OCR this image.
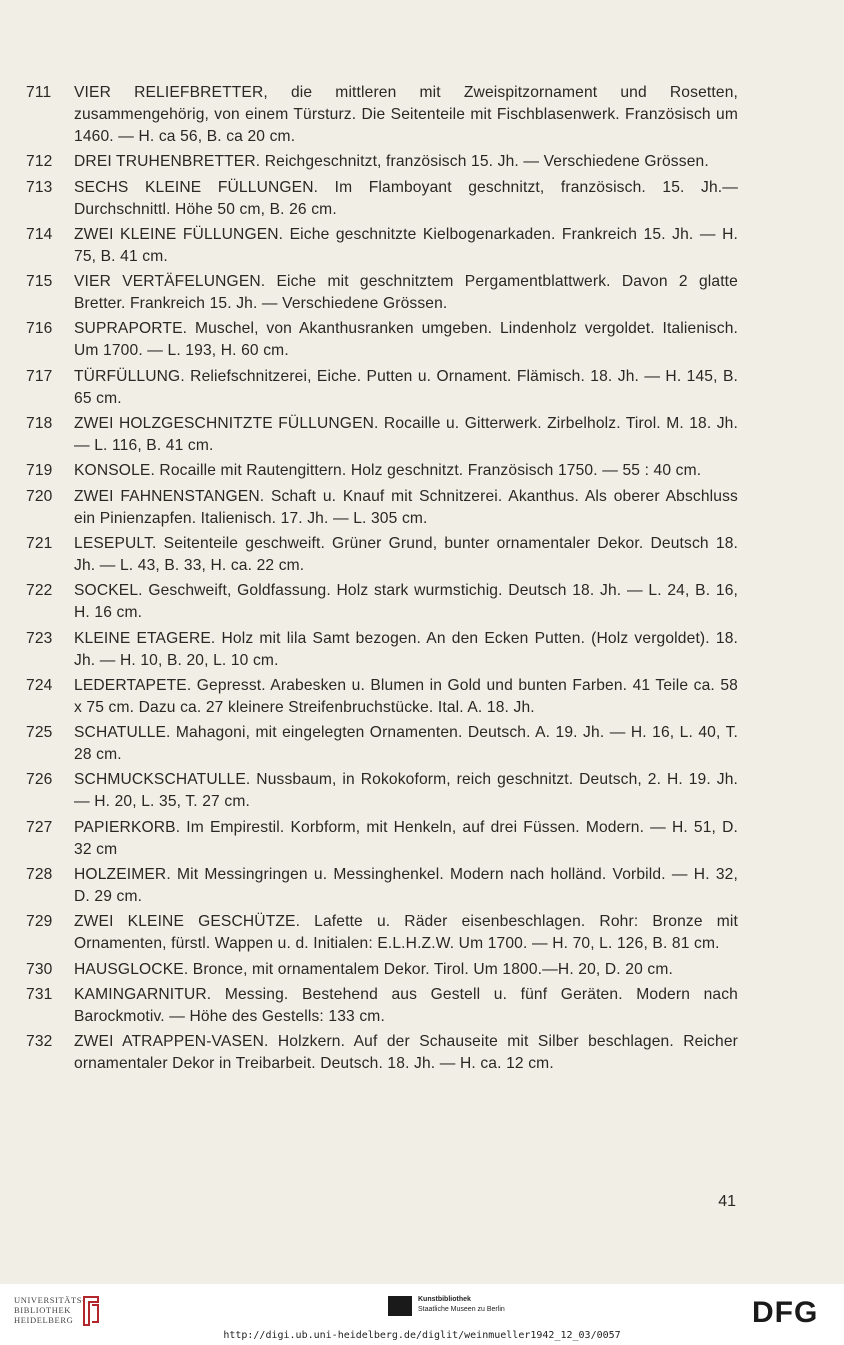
711	VIER RELIEFBRETTER, die mittleren mit Zweispitzornament und Rosetten, zusammengehörig, von einem Türsturz. Die Seitenteile mit Fischblasenwerk. Französisch um 1460. — H. ca 56, B. ca 20 cm.
712	DREI TRUHENBRETTER. Reichgeschnitzt, französisch 15. Jh. — Verschiedene Grössen.
713	SECHS KLEINE FÜLLUNGEN. Im Flamboyant geschnitzt, französisch. 15. Jh.—Durchschnittl. Höhe 50 cm, B. 26 cm.
714	ZWEI KLEINE FÜLLUNGEN. Eiche geschnitzte Kielbogenarkaden. Frankreich 15. Jh. — H. 75, B. 41 cm.
715	VIER VERTÄFELUNGEN. Eiche mit geschnitztem Pergamentblattwerk. Davon 2 glatte Bretter. Frankreich 15. Jh. — Verschiedene Grössen.
716	SUPRAPORTE. Muschel, von Akanthusranken umgeben. Lindenholz vergoldet. Italienisch. Um 1700. — L. 193, H. 60 cm.
717	TÜRFÜLLUNG. Reliefschnitzerei, Eiche. Putten u. Ornament. Flämisch. 18. Jh. — H. 145, B. 65 cm.
718	ZWEI HOLZGESCHNITZTE FÜLLUNGEN. Rocaille u. Gitterwerk. Zirbelholz. Tirol. M. 18. Jh. — L. 116, B. 41 cm.
719	KONSOLE. Rocaille mit Rautengittern. Holz geschnitzt. Französisch 1750. — 55 : 40 cm.
720	ZWEI FAHNENSTANGEN. Schaft u. Knauf mit Schnitzerei. Akanthus. Als oberer Abschluss ein Pinienzapfen. Italienisch. 17. Jh. — L. 305 cm.
721	LESEPULT. Seitenteile geschweift. Grüner Grund, bunter ornamentaler Dekor. Deutsch 18. Jh. — L. 43, B. 33, H. ca. 22 cm.
722	SOCKEL. Geschweift, Goldfassung. Holz stark wurmstichig. Deutsch 18. Jh. — L. 24, B. 16, H. 16 cm.
723	KLEINE ETAGERE. Holz mit lila Samt bezogen. An den Ecken Putten. (Holz vergoldet). 18. Jh. — H. 10, B. 20, L. 10 cm.
724	LEDERTAPETE. Gepresst. Arabesken u. Blumen in Gold und bunten Farben. 41 Teile ca. 58 x 75 cm. Dazu ca. 27 kleinere Streifenbruchstücke. Ital. A. 18. Jh.
725	SCHATULLE. Mahagoni, mit eingelegten Ornamenten. Deutsch. A. 19. Jh. — H. 16, L. 40, T. 28 cm.
726	SCHMUCKSCHATULLE. Nussbaum, in Rokokoform, reich geschnitzt. Deutsch, 2. H. 19. Jh. — H. 20, L. 35, T. 27 cm.
727	PAPIERKORB. Im Empirestil. Korbform, mit Henkeln, auf drei Füssen. Modern. — H. 51, D. 32 cm
728	HOLZEIMER. Mit Messingringen u. Messinghenkel. Modern nach holländ. Vorbild. — H. 32, D. 29 cm.
729	ZWEI KLEINE GESCHÜTZE. Lafette u. Räder eisenbeschlagen. Rohr: Bronze mit Ornamenten, fürstl. Wappen u. d. Initialen: E.L.H.Z.W. Um 1700. — H. 70, L. 126, B. 81 cm.
730	HAUSGLOCKE. Bronce, mit ornamentalem Dekor. Tirol. Um 1800.—H. 20, D. 20 cm.
731	KAMINGARNITUR. Messing. Bestehend aus Gestell u. fünf Geräten. Modern nach Barockmotiv. — Höhe des Gestells: 133 cm.
732	ZWEI ATRAPPEN-VASEN. Holzkern. Auf der Schauseite mit Silber beschlagen. Reicher ornamentaler Dekor in Treibarbeit. Deutsch. 18. Jh. — H. ca. 12 cm.
41
UNIVERSITÄTS-
BIBLIOTHEK
HEIDELBERG
Kunstbibliothek
Staatliche Museen zu Berlin	DFG
http://digi.ub.uni-heidelberg.de/diglit/weinmueller1942_12_03/0057
